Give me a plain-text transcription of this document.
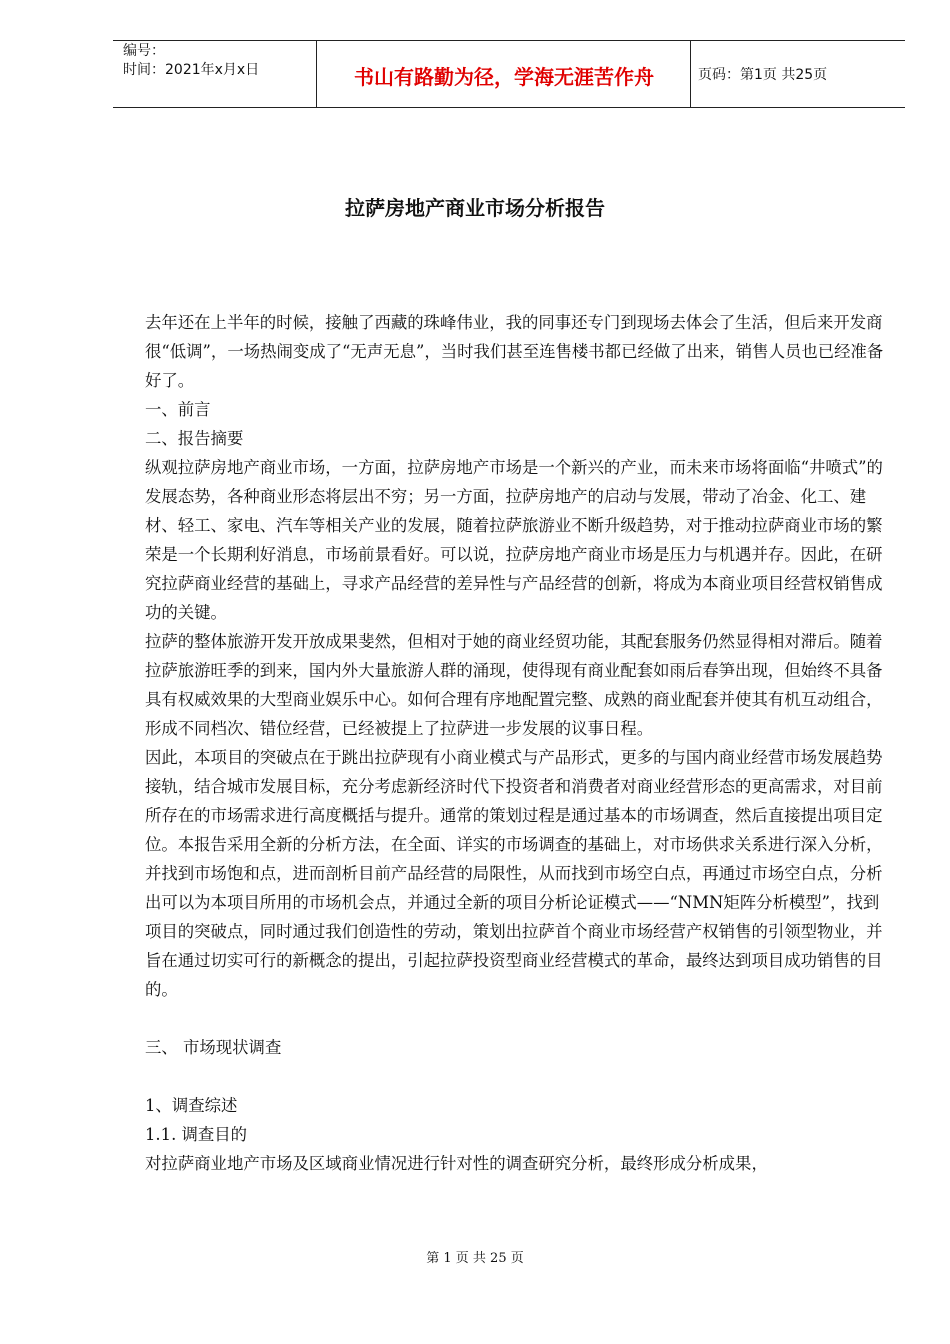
编号：
时间：2021年x月x日	书山有路勤为径，学海无涯苦作舟	页码：第1页 共25页
拉萨房地产商业市场分析报告

去年还在上半年的时候，接触了西藏的珠峰伟业，我的同事还专门到现场去体会了生活，但后来开发商很“低调”，一场热闹变成了“无声无息”，当时我们甚至连售楼书都已经做了出来，销售人员也已经准备好了。

一、前言

二、报告摘要

纵观拉萨房地产商业市场，一方面，拉萨房地产市场是一个新兴的产业，而未来市场将面临“井喷式”的发展态势，各种商业形态将层出不穷；另一方面，拉萨房地产的启动与发展，带动了冶金、化工、建材、轻工、家电、汽车等相关产业的发展，随着拉萨旅游业不断升级趋势，对于推动拉萨商业市场的繁荣是一个长期利好消息，市场前景看好。可以说，拉萨房地产商业市场是压力与机遇并存。因此，在研究拉萨商业经营的基础上，寻求产品经营的差异性与产品经营的创新，将成为本商业项目经营权销售成功的关键。

拉萨的整体旅游开发开放成果斐然，但相对于她的商业经贸功能，其配套服务仍然显得相对滞后。随着拉萨旅游旺季的到来，国内外大量旅游人群的涌现，使得现有商业配套如雨后春笋出现，但始终不具备具有权威效果的大型商业娱乐中心。如何合理有序地配置完整、成熟的商业配套并使其有机互动组合，形成不同档次、错位经营，已经被提上了拉萨进一步发展的议事日程。

因此，本项目的突破点在于跳出拉萨现有小商业模式与产品形式，更多的与国内商业经营市场发展趋势接轨，结合城市发展目标，充分考虑新经济时代下投资者和消费者对商业经营形态的更高需求，对目前所存在的市场需求进行高度概括与提升。通常的策划过程是通过基本的市场调查，然后直接提出项目定位。本报告采用全新的分析方法，在全面、详实的市场调查的基础上，对市场供求关系进行深入分析，并找到市场饱和点，进而剖析目前产品经营的局限性，从而找到市场空白点，再通过市场空白点，分析出可以为本项目所用的市场机会点，并通过全新的项目分析论证模式——“NMN矩阵分析模型”，找到项目的突破点，同时通过我们创造性的劳动，策划出拉萨首个商业市场经营产权销售的引领型物业，并旨在通过切实可行的新概念的提出，引起拉萨投资型商业经营模式的革命，最终达到项目成功销售的目的。

三、 市场现状调查

1、调查综述

1.1. 调查目的

对拉萨商业地产市场及区域商业情况进行针对性的调查研究分析，最终形成分析成果，

第 1 页 共 25 页
